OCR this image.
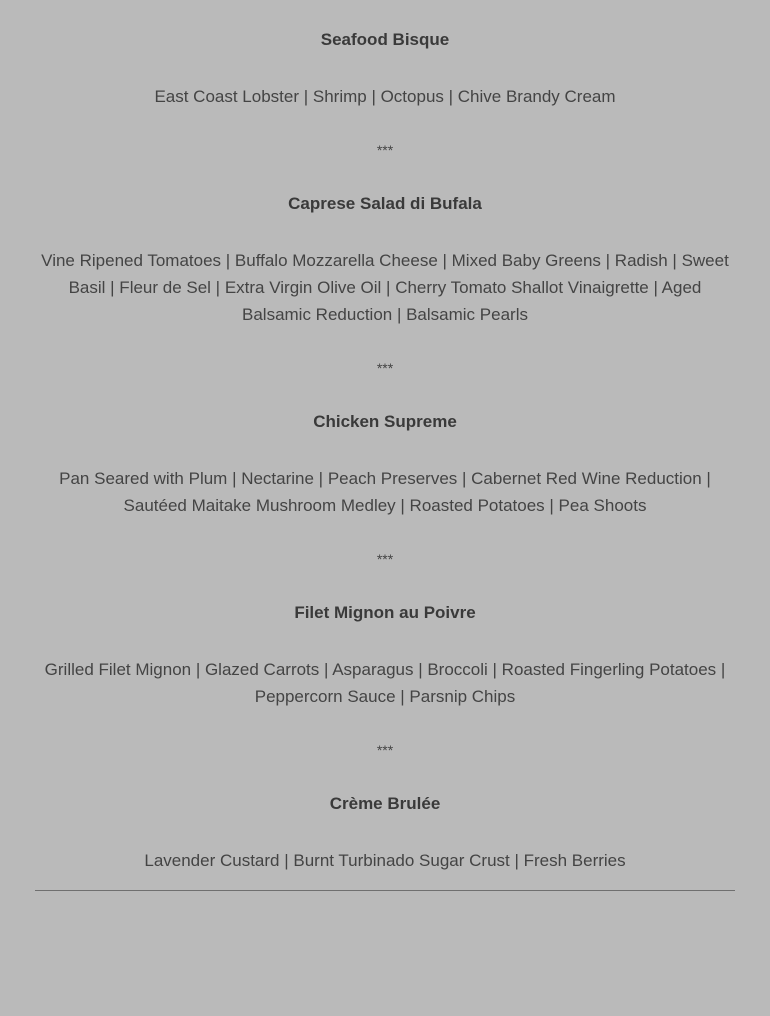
Seafood Bisque

East Coast Lobster | Shrimp | Octopus | Chive Brandy Cream

***

Caprese Salad di Bufala

Vine Ripened Tomatoes | Buffalo Mozzarella Cheese | Mixed Baby Greens | Radish | Sweet Basil | Fleur de Sel | Extra Virgin Olive Oil | Cherry Tomato Shallot Vinaigrette | Aged Balsamic Reduction | Balsamic Pearls

***

Chicken Supreme

Pan Seared with Plum | Nectarine | Peach Preserves | Cabernet Red Wine Reduction | Sautéed Maitake Mushroom Medley | Roasted Potatoes | Pea Shoots

***

Filet Mignon au Poivre

Grilled Filet Mignon | Glazed Carrots | Asparagus | Broccoli | Roasted Fingerling Potatoes | Peppercorn Sauce | Parsnip Chips

***

Crème Brulée

Lavender Custard | Burnt Turbinado Sugar Crust | Fresh Berries
